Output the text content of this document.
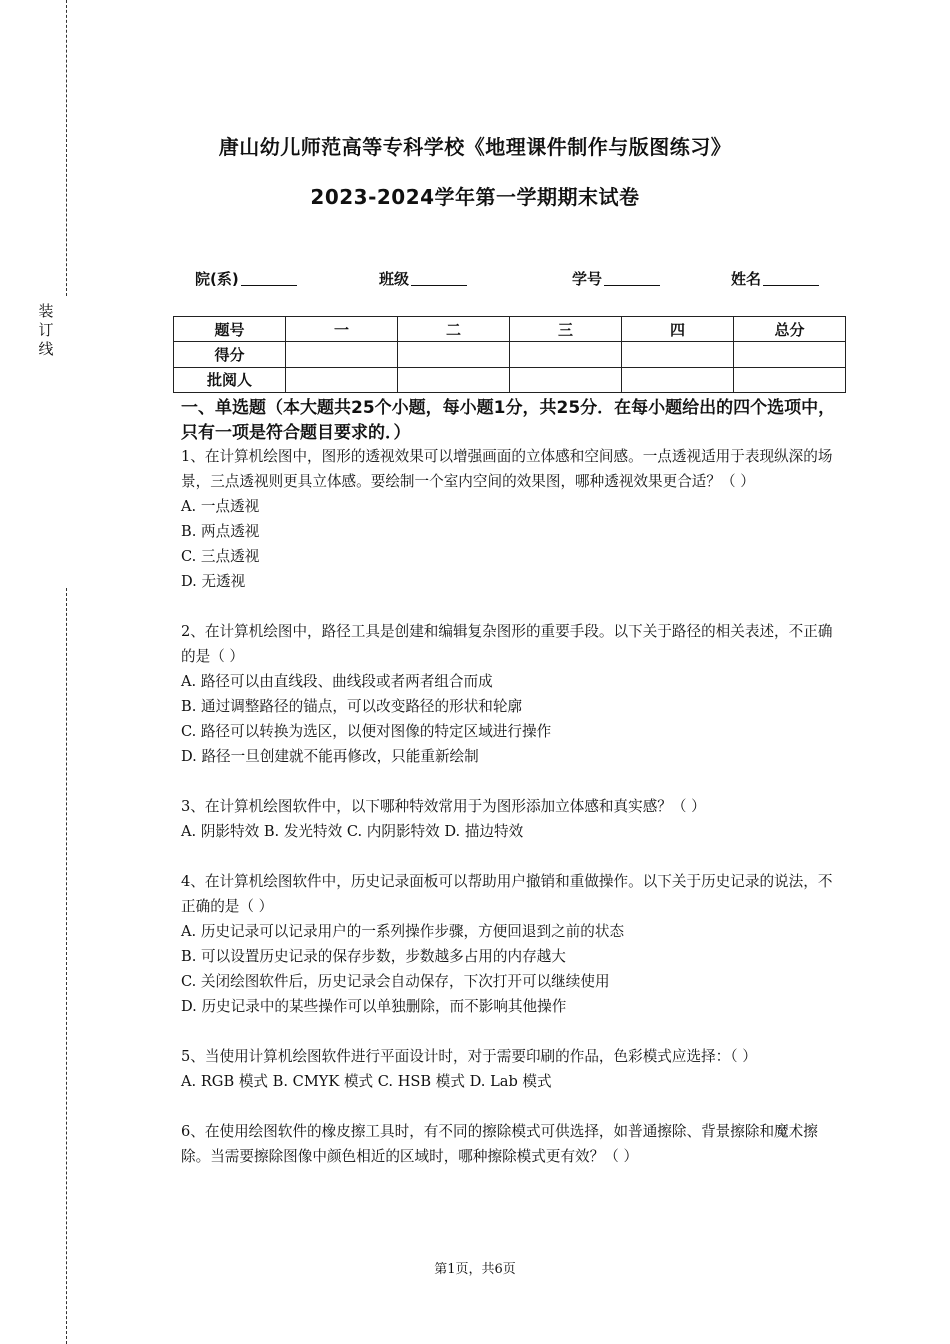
装
订
线
唐山幼儿师范高等专科学校《地理课件制作与版图练习》
2023-2024学年第一学期期末试卷
院(系)	班级	学号	姓名
题号	一	二	三	四	总分
得分					
批阅人					
一、单选题（本大题共25个小题，每小题1分，共25分．在每小题给出的四个选项中，只有一项是符合题目要求的．）

1、在计算机绘图中，图形的透视效果可以增强画面的立体感和空间感。一点透视适用于表现纵深的场景，三点透视则更具立体感。要绘制一个室内空间的效果图，哪种透视效果更合适？（ ）

A. 一点透视

B. 两点透视

C. 三点透视

D. 无透视

2、在计算机绘图中，路径工具是创建和编辑复杂图形的重要手段。以下关于路径的相关表述，不正确的是（ ）

A. 路径可以由直线段、曲线段或者两者组合而成

B. 通过调整路径的锚点，可以改变路径的形状和轮廓

C. 路径可以转换为选区，以便对图像的特定区域进行操作

D. 路径一旦创建就不能再修改，只能重新绘制

3、在计算机绘图软件中，以下哪种特效常用于为图形添加立体感和真实感？（ ）

A. 阴影特效 B. 发光特效 C. 内阴影特效 D. 描边特效

4、在计算机绘图软件中，历史记录面板可以帮助用户撤销和重做操作。以下关于历史记录的说法，不正确的是（ ）

A. 历史记录可以记录用户的一系列操作步骤，方便回退到之前的状态

B. 可以设置历史记录的保存步数，步数越多占用的内存越大

C. 关闭绘图软件后，历史记录会自动保存，下次打开可以继续使用

D. 历史记录中的某些操作可以单独删除，而不影响其他操作

5、当使用计算机绘图软件进行平面设计时，对于需要印刷的作品，色彩模式应选择：（ ）

A. RGB 模式 B. CMYK 模式 C. HSB 模式 D. Lab 模式

6、在使用绘图软件的橡皮擦工具时，有不同的擦除模式可供选择，如普通擦除、背景擦除和魔术擦除。当需要擦除图像中颜色相近的区域时，哪种擦除模式更有效？（ ）

第1页，共6页
